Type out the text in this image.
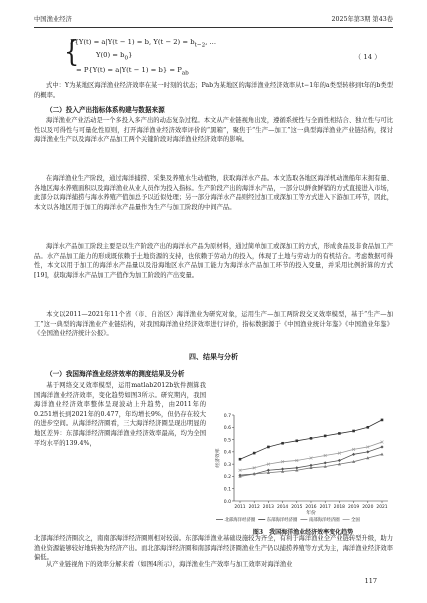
中国渔业经济	2025年第3期 第43卷
{
P{Y(t) = a|Y(t − 1) = b, $Y(t - 2) = b_{t-2}$, ...
$Y(0) = b_0$}	（ 14 ）
= $P\{Y(t) = a|Y(t - 1) = b\} = P_{ab}$
式中：Y为某地区海洋渔业经济效率在某一时刻的状态；Pab为某地区的海洋渔业经济效率从t−1年的a类型转移到t年的b类型的概率。
（二）投入产出指标体系构建与数据来源
海洋渔业产业活动是一个多投入多产出的动态复杂过程。本文从产业链视角出发，遵循系统性与全面性相结合、独立性与可比性以及可得性与可量化性原则，打开海洋渔业经济效率评价的“黑箱”，聚焦于“生产—加工”这一典型海洋渔业产业链结构，探讨海洋渔业生产以及海洋水产品加工两个关键阶段对海洋渔业经济效率的影响。
在海洋渔业生产阶段，通过海洋捕捞、采集及养殖水生动植物，获取海洋水产品。本文选取各地区海洋机动渔船年末拥有量、各地区海水养殖面积以及海洋渔业从业人员作为投入指标。生产阶段产出的海洋水产品，一部分以鲜食鲜销的方式直接进入市场，此部分以海洋捕捞与海水养殖产值加总予以近似处理；另一部分海洋水产品则经过加工或深加工等方式进入下游加工环节，因此，本文以各地区用于加工的海洋水产品量作为生产与加工阶段的中间产品。
海洋水产品加工阶段主要是以生产阶段产出的海洋水产品为原材料，通过简单加工或深加工的方式，形成食品及非食品加工产品。水产品加工能力的形成既依赖于土地资源的支持，也依赖于劳动力的投入，体现了土地与劳动力的有机结合。考虑数据可得性，本文以用于加工的海洋水产品量以及沿海地区水产品加工能力为海洋水产品加工环节的投入变量，并采用比例折算的方式[19]，获取海洋水产品加工产值作为加工阶段的产出变量。
本文以2011—2021年11个省（市、自治区）海洋渔业为研究对象，运用生产—加工两阶段交叉效率模型，基于“生产—加工”这一典型的海洋渔业产业链结构，对我国海洋渔业经济效率进行评价，指标数据源于《中国渔业统计年鉴》《中国渔业年鉴》《全国渔业经济统计公报》。
四、结果与分析
（一）我国海洋渔业经济效率的测度结果及分析
基于网络交叉效率模型，运用matlab2012b软件测算我国海洋渔业经济效率，变化趋势如图3所示。研究期内，我国海洋渔业经济效率整体呈现波动上升趋势，由2011年的0.251增长到2021年的0.477，年均增长9%，但仍存在较大的进步空间。从海洋经济圈看，三大海洋经济圈呈现出明显的地区差异：东部海洋经济圈海洋渔业经济效率最高，均为全国平均水平的139.4%，
0.0
0.1
0.2
0.3
0.4
0.5
0.6
0.7
2011 2012 2013 2014 2015 2016 2017 2018 2019 2020 2021
经济效率
年份
北部海洋经济圈	东部海洋经济圈	南部海洋经济圈	全国
图3　我国海洋渔业经济效率变化趋势
北部海洋经济圈次之，南南部海洋经济圈则相对较弱。东部海洋渔业基础设施较为齐全，有利于海洋渔业全产业链转型升级，助力渔业资源能够较好地转换为经济产出。而北部海洋经济圈和南部海洋经济圈渔业生产仍以捕捞养殖等方式为主，海洋渔业经济效率偏低。
从产业链视角下的效率分解来看（如图4所示），海洋渔业生产效率与加工效率对海洋渔业
117
